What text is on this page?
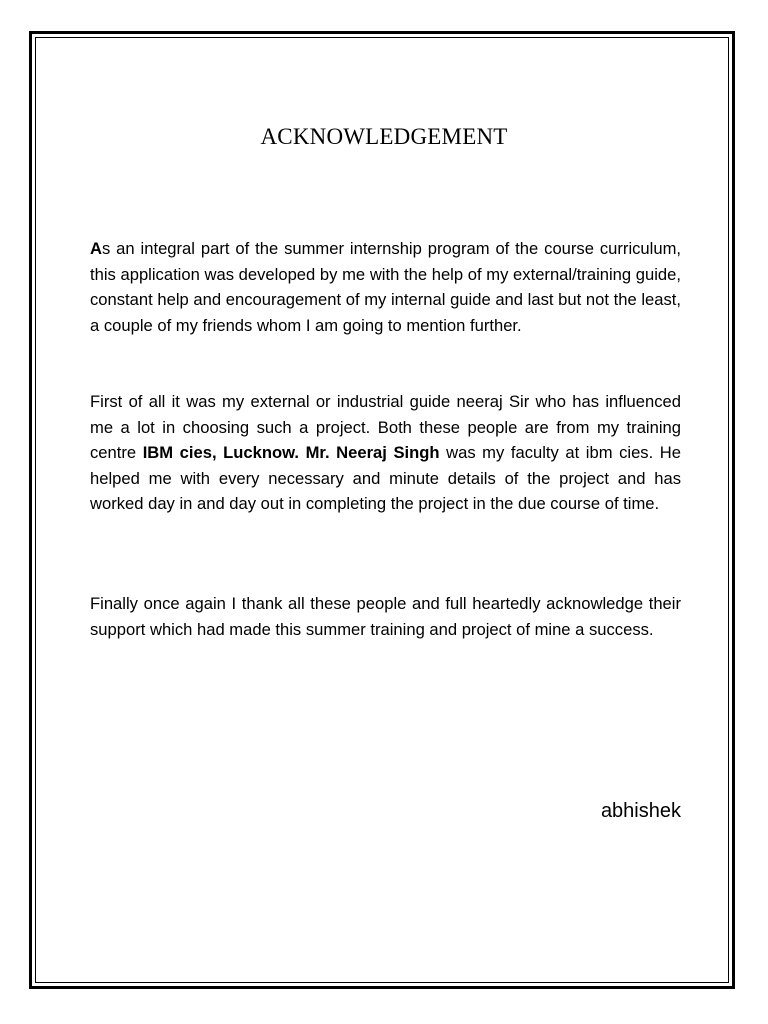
ACKNOWLEDGEMENT

As an integral part of the summer internship program of the course curriculum, this application was developed by me with the help of my external/training guide, constant help and encouragement of my internal guide and last but not the least, a couple of my friends whom I am going to mention further.

First of all it was my external or industrial guide neeraj Sir who has influenced me a lot in choosing such a project. Both these people are from my training centre IBM cies, Lucknow. Mr. Neeraj Singh was my faculty at ibm cies. He helped me with every necessary and minute details of the project and has worked day in and day out in completing the project in the due course of time.

Finally once again I thank all these people and full heartedly acknowledge their support which had made this summer training and project of mine a success.

abhishek
